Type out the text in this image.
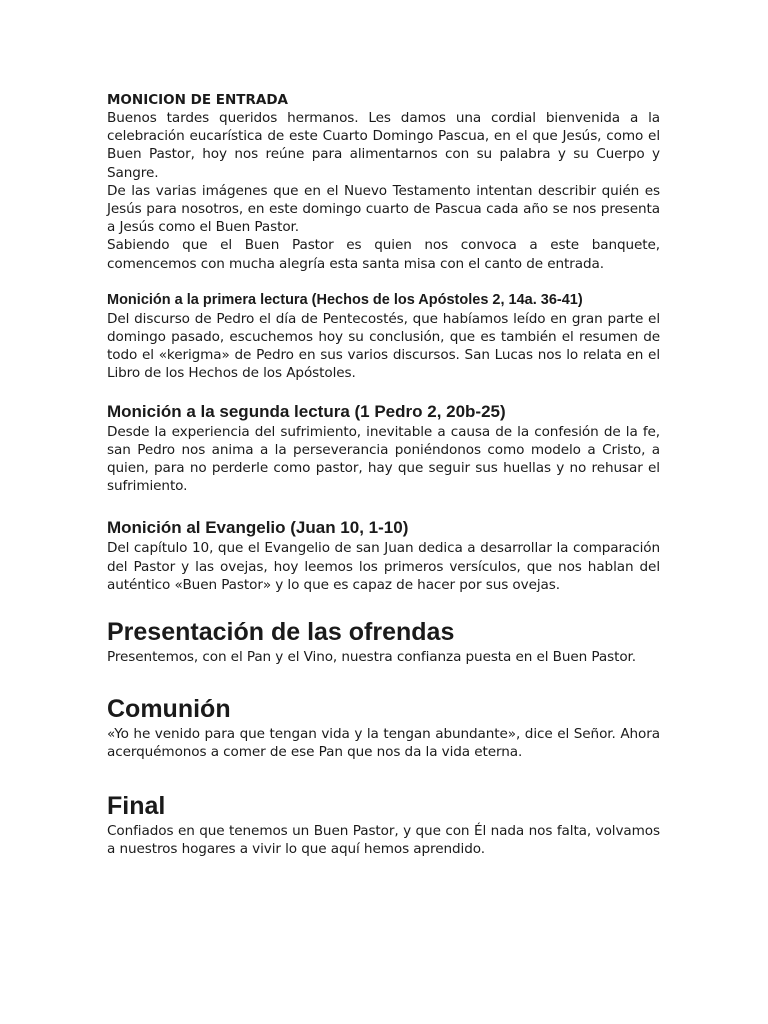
MONICION DE ENTRADA

Buenos tardes queridos hermanos. Les damos una cordial bienvenida a la celebración eucarística de este Cuarto Domingo Pascua, en el que Jesús, como el Buen Pastor, hoy nos reúne para alimentarnos con su palabra y su Cuerpo y Sangre.

De las varias imágenes que en el Nuevo Testamento intentan describir quién es Jesús para nosotros, en este domingo cuarto de Pascua cada año se nos presenta a Jesús como el Buen Pastor.

Sabiendo que el Buen Pastor es quien nos convoca a este banquete, comencemos con mucha alegría esta santa misa con el canto de entrada.

Monición a la primera lectura (Hechos de los Apóstoles 2, 14a. 36-41)

Del discurso de Pedro el día de Pentecostés, que habíamos leído en gran parte el domingo pasado, escuchemos hoy su conclusión, que es también el resumen de todo el «kerigma» de Pedro en sus varios discursos. San Lucas nos lo relata en el Libro de los Hechos de los Apóstoles.

Monición a la segunda lectura (1 Pedro 2, 20b-25)

Desde la experiencia del sufrimiento, inevitable a causa de la confesión de la fe, san Pedro nos anima a la perseverancia poniéndonos como modelo a Cristo, a quien, para no perderle como pastor, hay que seguir sus huellas y no rehusar el sufrimiento.

Monición al Evangelio (Juan 10, 1-10)

Del capítulo 10, que el Evangelio de san Juan dedica a desarrollar la comparación del Pastor y las ovejas, hoy leemos los primeros versículos, que nos hablan del auténtico «Buen Pastor» y lo que es capaz de hacer por sus ovejas.

Presentación de las ofrendas

Presentemos, con el Pan y el Vino, nuestra confianza puesta en el Buen Pastor.

Comunión

«Yo he venido para que tengan vida y la tengan abundante», dice el Señor. Ahora acerquémonos a comer de ese Pan que nos da la vida eterna.

Final

Confiados en que tenemos un Buen Pastor, y que con Él nada nos falta, volvamos a nuestros hogares a vivir lo que aquí hemos aprendido.
